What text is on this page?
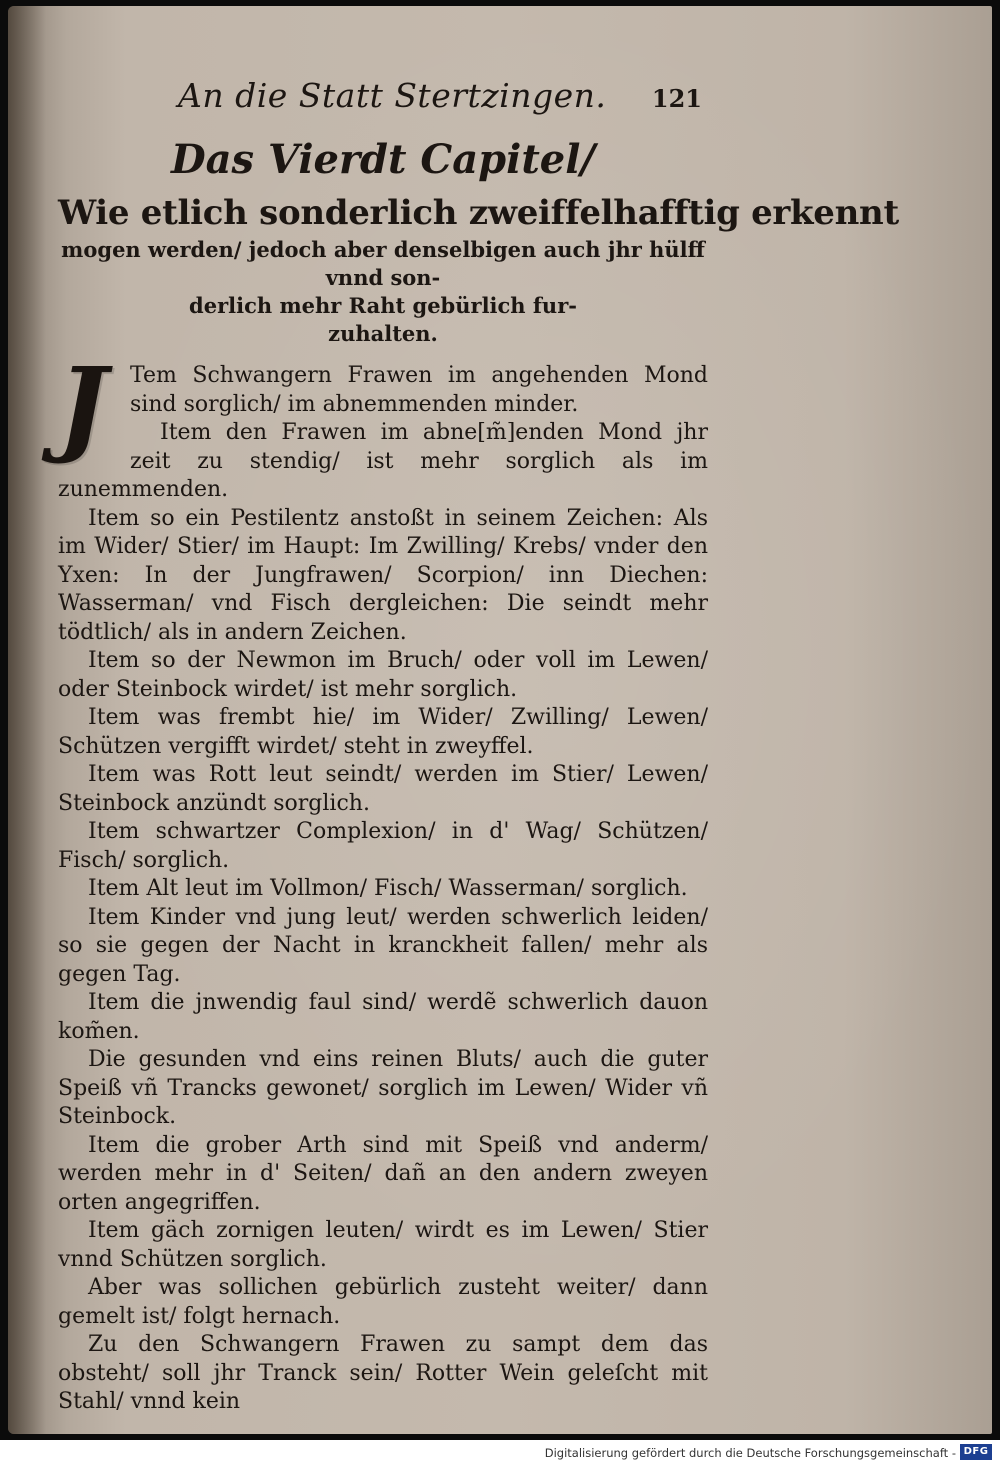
An die Statt Stertzingen. 121
Das Vierdt Capitel/

Wie etlich sonderlich zweiffelhafftig erkennt
mogen werden/ jedoch aber denselbigen auch jhr hülff vnnd son-
derlich mehr Raht gebürlich fur-
zuhalten.

J	Tem Schwangern Frawen im angehenden Mond sind sorglich/ im abnemmenden minder.

Item den Frawen im abne[m̃]enden Mond jhr zeit zu stendig/ ist mehr sorglich als im zunemmenden.

Item so ein Pestilentz anstoßt in seinem Zeichen: Als im Wider/ Stier/ im Haupt: Im Zwilling/ Krebs/ vnder den Yxen: In der Jungfrawen/ Scorpion/ inn Diechen: Wasserman/ vnd Fisch dergleichen: Die seindt mehr tödtlich/ als in andern Zeichen.

Item so der Newmon im Bruch/ oder voll im Lewen/ oder Steinbock wirdet/ ist mehr sorglich.

Item was frembt hie/ im Wider/ Zwilling/ Lewen/ Schützen vergifft wirdet/ steht in zweyffel.

Item was Rott leut seindt/ werden im Stier/ Lewen/ Steinbock anzündt sorglich.

Item schwartzer Complexion/ in d' Wag/ Schützen/ Fisch/ sorglich.

Item Alt leut im Vollmon/ Fisch/ Wasserman/ sorglich.

Item Kinder vnd jung leut/ werden schwerlich leiden/ so sie gegen der Nacht in kranckheit fallen/ mehr als gegen Tag.

Item die jnwendig faul sind/ werdẽ schwerlich dauon kom̃en.

Die gesunden vnd eins reinen Bluts/ auch die guter Speiß vñ Trancks gewonet/ sorglich im Lewen/ Wider vñ Steinbock.

Item die grober Arth sind mit Speiß vnd anderm/ werden mehr in d' Seiten/ dañ an den andern zweyen orten angegriffen.

Item gäch zornigen leuten/ wirdt es im Lewen/ Stier vnnd Schützen sorglich.

Aber was sollichen gebürlich zusteht weiter/ dann gemelt ist/ folgt hernach.

Zu den Schwangern Frawen zu sampt dem das obsteht/ soll jhr Tranck sein/ Rotter Wein geleſcht mit Stahl/ vnnd kein

Digitalisierung gefördert durch die Deutsche Forschungsgemeinschaft - DFG
